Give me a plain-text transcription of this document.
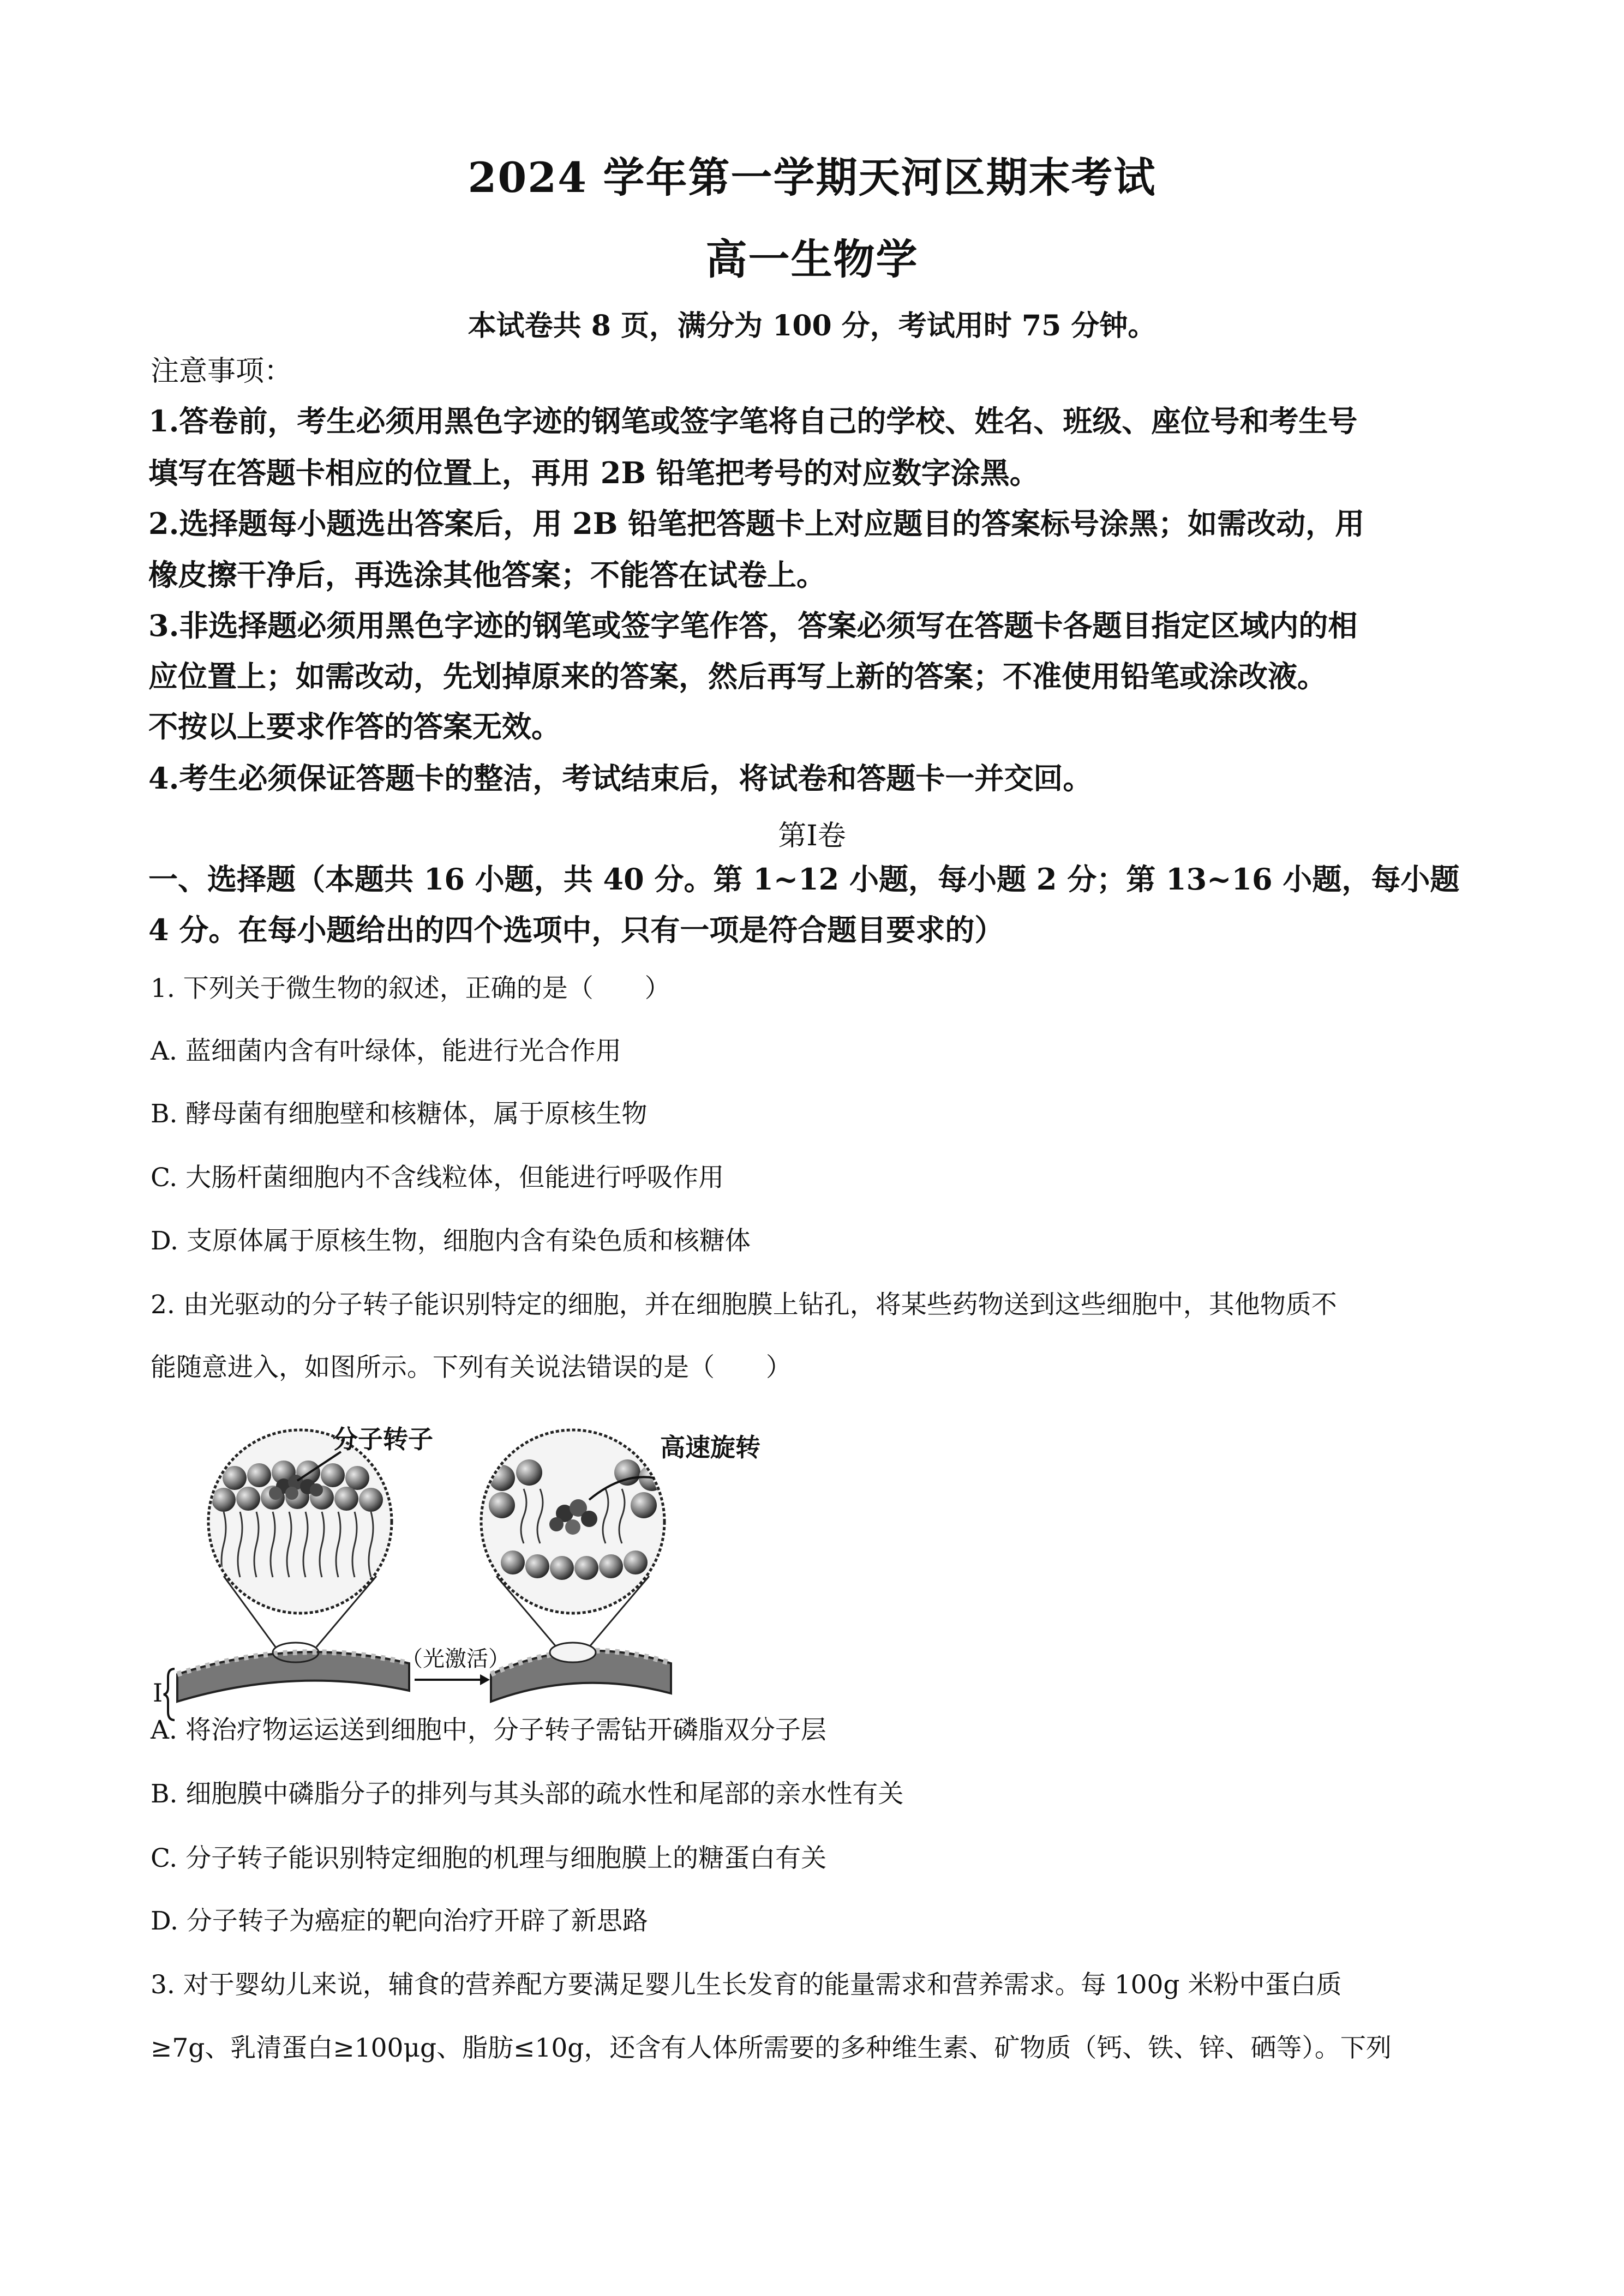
2024 学年第一学期天河区期末考试
高一生物学
本试卷共 8 页，满分为 100 分，考试用时 75 分钟。
注意事项：
1.答卷前，考生必须用黑色字迹的钢笔或签字笔将自己的学校、姓名、班级、座位号和考生号
填写在答题卡相应的位置上，再用 2B 铅笔把考号的对应数字涂黑。
2.选择题每小题选出答案后，用 2B 铅笔把答题卡上对应题目的答案标号涂黑；如需改动，用
橡皮擦干净后，再选涂其他答案；不能答在试卷上。
3.非选择题必须用黑色字迹的钢笔或签字笔作答，答案必须写在答题卡各题目指定区域内的相
应位置上；如需改动，先划掉原来的答案，然后再写上新的答案；不准使用铅笔或涂改液。
不按以上要求作答的答案无效。
4.考生必须保证答题卡的整洁，考试结束后，将试卷和答题卡一并交回。
第Ⅰ卷
一、选择题（本题共 16 小题，共 40 分。第 1~12 小题，每小题 2 分；第 13~16 小题，每小题
4 分。在每小题给出的四个选项中，只有一项是符合题目要求的）
1. 下列关于微生物的叙述，正确的是（　　）
A. 蓝细菌内含有叶绿体，能进行光合作用
B. 酵母菌有细胞壁和核糖体，属于原核生物
C. 大肠杆菌细胞内不含线粒体，但能进行呼吸作用
D. 支原体属于原核生物，细胞内含有染色质和核糖体
2. 由光驱动的分子转子能识别特定的细胞，并在细胞膜上钻孔，将某些药物送到这些细胞中，其他物质不
能随意进入，如图所示。下列有关说法错误的是（　　）
分子转子	高速旋转
（光激活）
I
A. 将治疗物运运送到细胞中，分子转子需钻开磷脂双分子层
B. 细胞膜中磷脂分子的排列与其头部的疏水性和尾部的亲水性有关
C. 分子转子能识别特定细胞的机理与细胞膜上的糖蛋白有关
D. 分子转子为癌症的靶向治疗开辟了新思路
3. 对于婴幼儿来说，辅食的营养配方要满足婴儿生长发育的能量需求和营养需求。每 100g 米粉中蛋白质
≥7g、乳清蛋白≥100μg、脂肪≤10g，还含有人体所需要的多种维生素、矿物质（钙、铁、锌、硒等）。下列
